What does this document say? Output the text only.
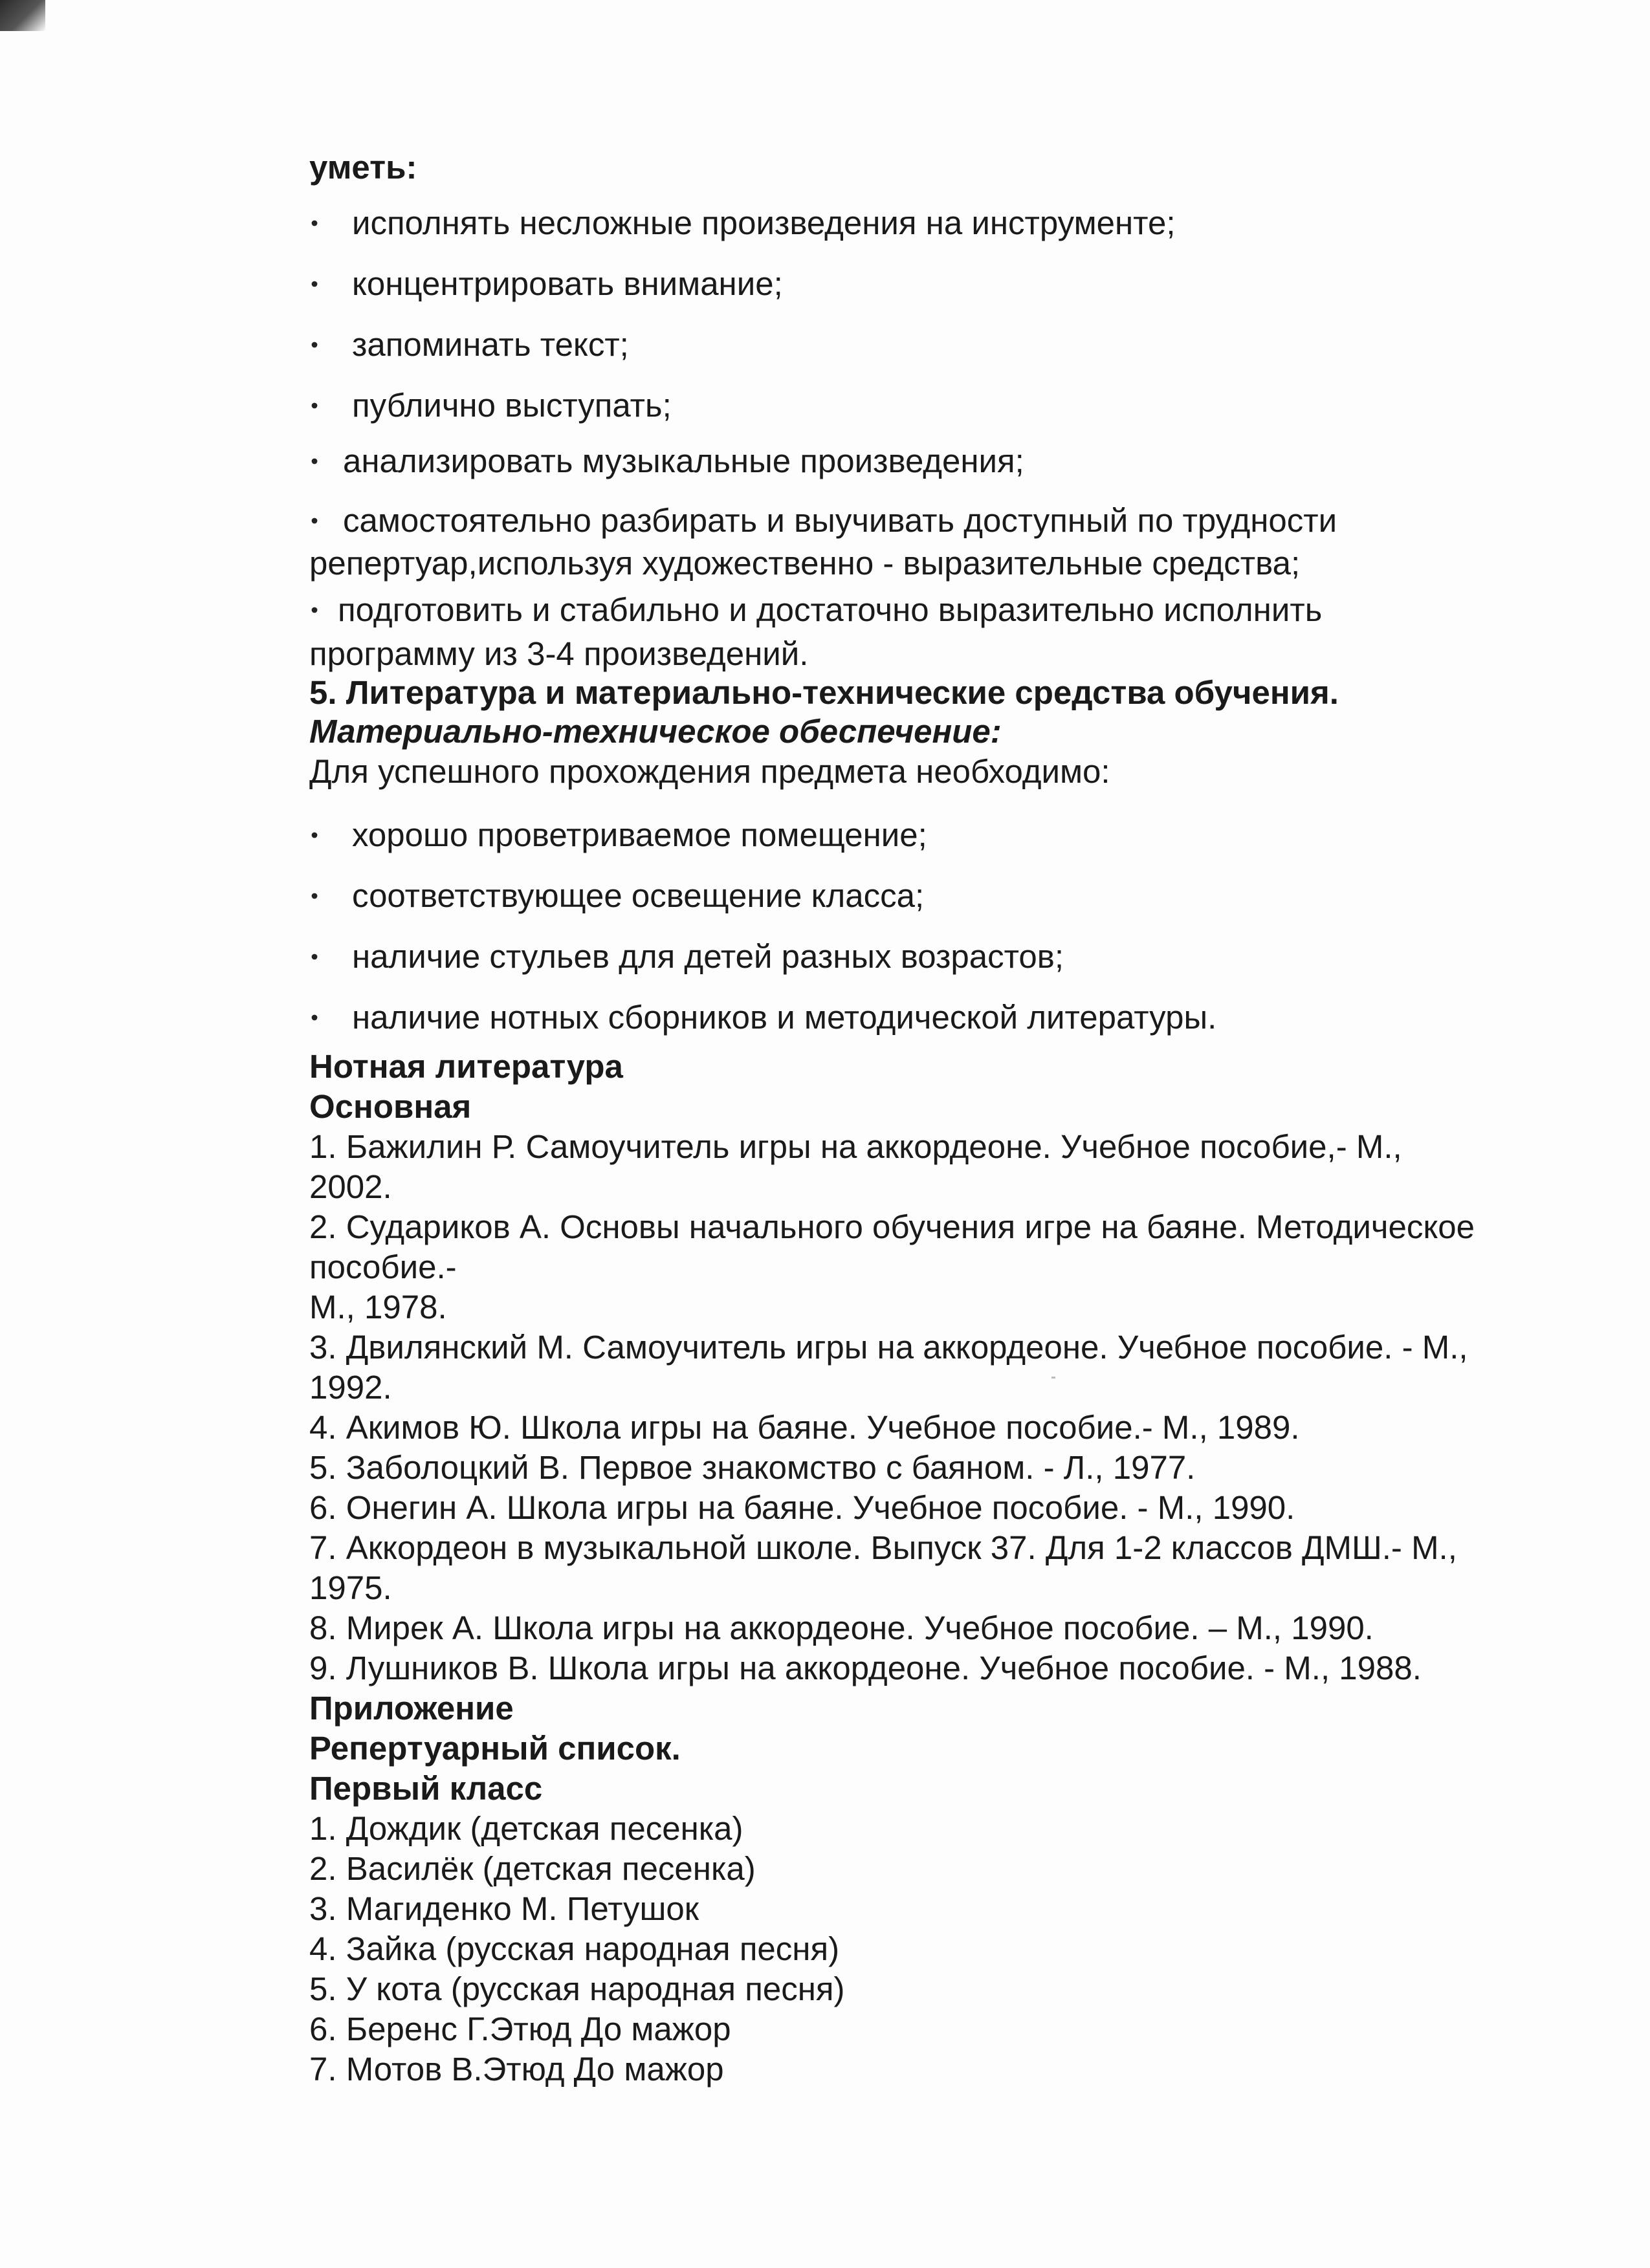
уметь:
исполнять несложные произведения на инструменте;
концентрировать внимание;
запоминать текст;
публично выступать;
анализировать музыкальные произведения;
самостоятельно разбирать и выучивать доступный по трудности
репертуар,используя художественно - выразительные средства;
подготовить и стабильно и достаточно выразительно исполнить
программу из 3-4 произведений.
5. Литература и материально-технические средства обучения.
Материально-техническое обеспечение:
Для успешного прохождения предмета необходимо:
хорошо проветриваемое помещение;
соответствующее освещение класса;
наличие стульев для детей разных возрастов;
наличие нотных сборников и методической литературы.
Нотная литература
Основная
1. Бажилин Р. Самоучитель игры на аккордеоне. Учебное пособие,- М.,
2002.
2. Судариков А. Основы начального обучения игре на баяне. Методическое
пособие.-
М., 1978.
3. Двилянский М. Самоучитель игры на аккордеоне. Учебное пособие. - М.,
1992.
4. Акимов Ю. Школа игры на баяне. Учебное пособие.- М., 1989.
5. Заболоцкий В. Первое знакомство с баяном. - Л., 1977.
6. Онегин А. Школа игры на баяне. Учебное пособие. - М., 1990.
7. Аккордеон в музыкальной школе. Выпуск 37. Для 1-2 классов ДМШ.- М.,
1975.
8. Мирек А. Школа игры на аккордеоне. Учебное пособие. – М., 1990.
9. Лушников В. Школа игры на аккордеоне. Учебное пособие. - М., 1988.
Приложение
Репертуарный список.
Первый класс
1. Дождик (детская песенка)
2. Василёк (детская песенка)
3. Магиденко М. Петушок
4. Зайка (русская народная песня)
5. У кота (русская народная песня)
6. Беренс Г.Этюд До мажор
7. Мотов В.Этюд До мажор
